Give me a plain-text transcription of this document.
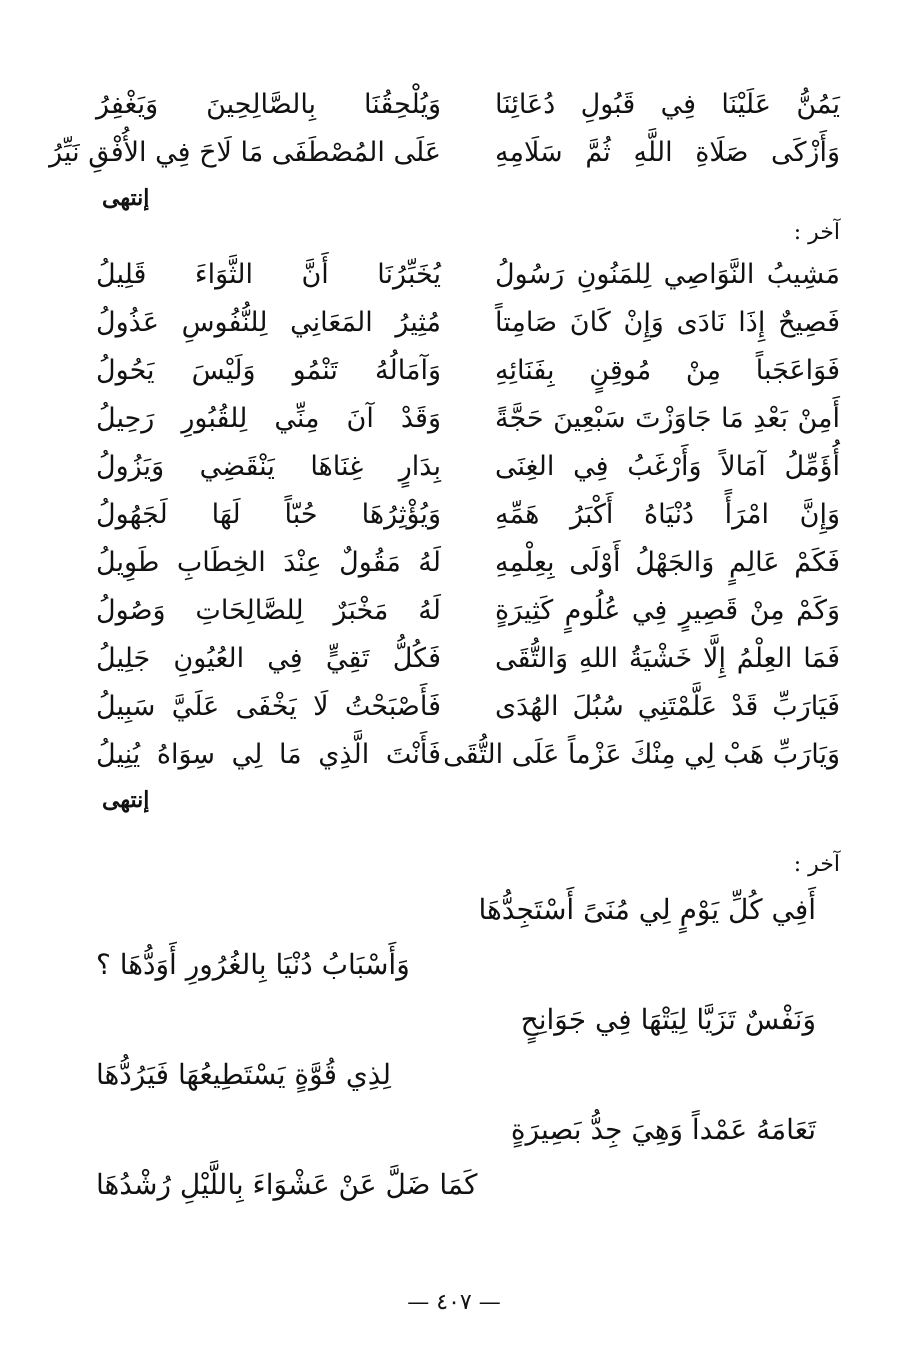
يَمُنُّ عَلَيْنَا فِي قَبُولِ دُعَائِنَا
وَيُلْحِقُنَا بِالصَّالِحِينَ وَيَغْفِرُ
وَأَزْكَى صَلَاةِ اللَّهِ ثُمَّ سَلَامِهِ
عَلَى المُصْطَفَى مَا لَاحَ فِي الأُفْقِ نَيِّرُ
إنتهى
آخر :
مَشِيبُ النَّوَاصِي لِلمَنُونِ رَسُولُ
يُخَبِّرُنَا أَنَّ الثَّوَاءَ قَلِيلُ
فَصِيحٌ إِذَا نَادَى وَإِنْ كَانَ صَامِتاً
مُثِيرُ المَعَانِي لِلنُّفُوسِ عَذُولُ
فَوَاعَجَباً مِنْ مُوقِنٍ بِفَنَائِهِ
وَآمَالُهُ تَنْمُو وَلَيْسَ يَحُولُ
أَمِنْ بَعْدِ مَا جَاوَزْتَ سَبْعِينَ حَجَّةً
وَقَدْ آنَ مِنِّي لِلقُبُورِ رَحِيلُ
أُؤَمِّلُ آمَالاً وَأَرْغَبُ فِي الغِنَى
بِدَارٍ غِنَاهَا يَنْقَضِي وَيَزُولُ
وَإِنَّ امْرَأً دُنْيَاهُ أَكْبَرُ هَمِّهِ
وَيُؤْثِرُهَا حُبّاً لَهَا لَجَهُولُ
فَكَمْ عَالِمٍ وَالجَهْلُ أَوْلَى بِعِلْمِهِ
لَهُ مَقُولٌ عِنْدَ الخِطَابِ طَوِيلُ
وَكَمْ مِنْ قَصِيرٍ فِي عُلُومٍ كَثِيرَةٍ
لَهُ مَخْبَرٌ لِلصَّالِحَاتِ وَصُولُ
فَمَا العِلْمُ إِلَّا خَشْيَةُ اللهِ وَالتُّقَى
فَكُلُّ تَقِيٍّ فِي العُيُونِ جَلِيلُ
فَيَارَبِّ قَدْ عَلَّمْتَنِي سُبُلَ الهُدَى
فَأَصْبَحْتُ لَا يَخْفَى عَلَيَّ سَبِيلُ
وَيَارَبِّ هَبْ لِي مِنْكَ عَزْماً عَلَى التُّقَى
فَأَنْتَ الَّذِي مَا لِي سِوَاهُ يُنِيلُ
إنتهى
آخر :
أَفِي كُلِّ يَوْمٍ لِي مُنَىً أَسْتَجِدُّهَا
وَأَسْبَابُ دُنْيَا بِالغُرُورِ أَوَدُّهَا ؟
وَنَفْسٌ تَزَيَّا لِيَتْهَا فِي جَوَانِحٍ
لِذِي قُوَّةٍ يَسْتَطِيعُهَا فَيَرُدُّهَا
تَعَامَهُ عَمْداً وَهِيَ جِدُّ بَصِيرَةٍ
كَمَا ضَلَّ عَنْ عَشْوَاءَ بِاللَّيْلِ رُشْدُهَا
— ٤٠٧ —
